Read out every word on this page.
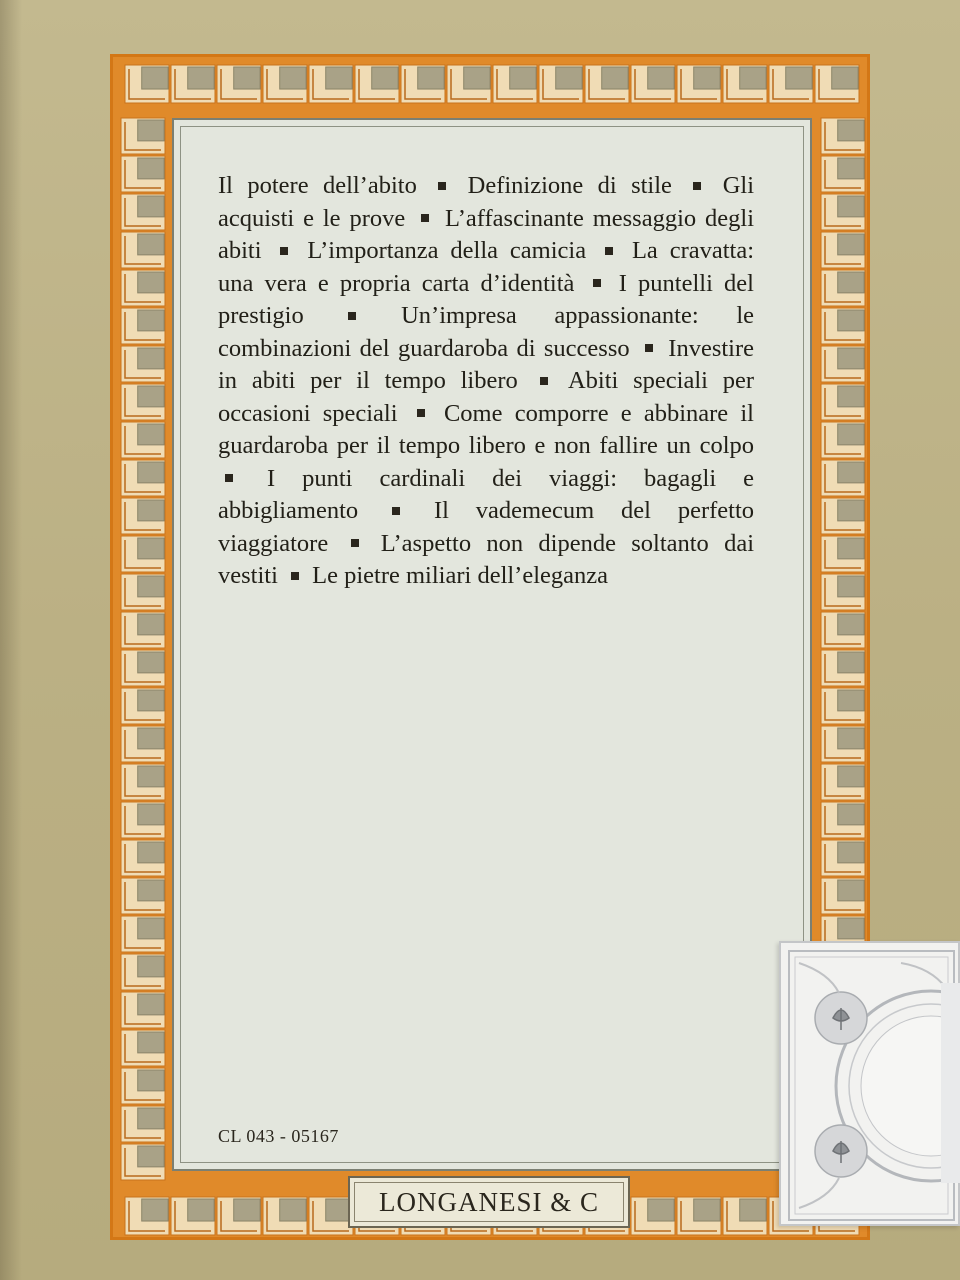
Il potere dell’abito Definizione di stile Gli acquisti e le prove L’affascinante messaggio degli abiti L’importanza della camicia La cravatta: una vera e propria carta d’identità I puntelli del prestigio	Un’impresa appassionante: le combinazioni del guardaroba di successo Investire in abiti per il tempo libero Abiti speciali per occasioni speciali Come comporre e abbinare il guardaroba per il tempo libero e non fallire un colpo  I punti cardinali dei viaggi: bagagli e abbigliamento	Il vademecum del perfetto viaggiatore L’aspetto non dipende soltanto dai vestiti Le pietre miliari dell’eleganza

CL 043 - 05167
LONGANESI & C
